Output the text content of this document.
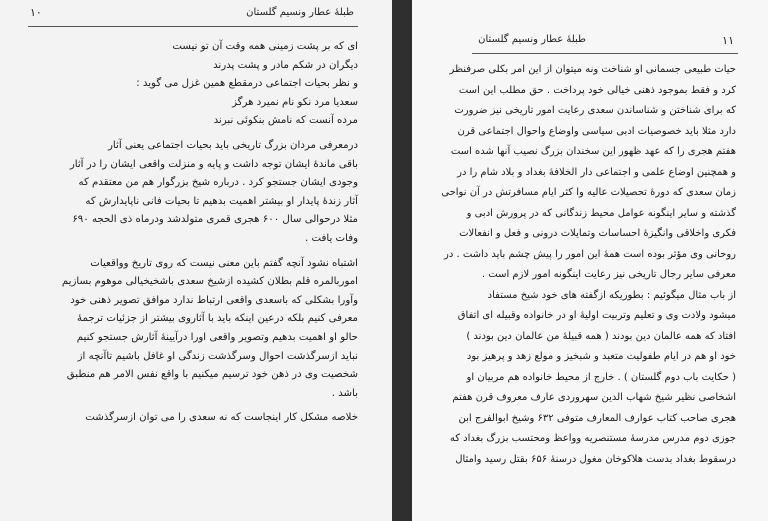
طبلهٔ عطار ونسیم گلستان
۱۰
ای که بر پشت زمینی همه وقت آن تو نیست
دیگران در شکم مادر و پشت پدرند
و نظر بحیات اجتماعی درمقطع همین غزل می گوید :
سعدیا مرد نکو نام نمیرد هرگز
مرده آنست که نامش بنکوئی نبرند
درمعرفی مردان بزرگ تاریخی باید بحیات اجتماعی یعنی آثار
باقی ماندهٔ ایشان توجه داشت و پایه و منزلت واقعی ایشان را در آثار
وجودی ایشان جستجو کرد . درباره شیخ بزرگوار هم من معتقدم که
آثار زندهٔ پایدار او بیشتر اهمیت بدهیم تا بحیات فانی ناپایدارش که
مثلا درحوالی سال ۶۰۰ هجری قمری متولدشد ودرماه ذی الحجه ۶۹۰
وفات یافت .
اشتباه نشود آنچه گفتم باین معنی نیست که روی تاریخ وواقعیات
اموربالمره قلم بطلان کشیده ازشیخ سعدی باشخیخیالی موهوم بسازیم
وآورا بشکلی که باسعدی واقعی ارتباط ندارد موافق تصویر ذهنی خود
معرفی کنیم بلکه درعین اینکه باید با آثاروی بیشتر از جزئیات ترجمهٔ
حالو او اهمیت بدهیم وتصویر واقعی اورا درآیینهٔ آثارش جستجو کنیم
نباید ازسرگذشت احوال وسرگذشت زندگی او غافل باشیم تاآنچه از
شخصیت وی در ذهن خود ترسیم میکنیم با واقع نفس الامر هم منطبق
باشد .
خلاصه مشکل کار اینجاست که نه سعدی را می توان ازسرگذشت
طبلهٔ عطار ونسیم گلستان	۱۱
حیات طبیعی جسمانی او شناخت ونه میتوان از این امر بکلی صرفنظر
کرد و فقط بموجود ذهنی خیالی خود پرداخت . حق مطلب این است
که برای شناختن و شناساندن سعدی رعایت امور تاریخی نیز ضرورت
دارد مثلا باید خصوصیات ادبی سیاسی واوضاع واحوال اجتماعی قرن
هفتم هجری را که عهد ظهور این سخندان بزرگ نصیب آنها شده است
و همچنین اوضاع علمی و اجتماعی دار الخلافهٔ بغداد و بلاد شام را در
زمان سعدی که دورهٔ تحصیلات عالیه وا کثر ایام مسافرتش در آن نواحی
گذشته و سایر اینگونه عوامل محیط زندگانی که در پرورش ادبی و
فکری واخلاقی وانگیزهٔ احساسات وتمایلات درونی و فعل و انفعالات
روحانی وی مؤثر بوده است همهٔ این امور را پیش چشم باید داشت . در
معرفی سایر رجال تاریخی نیز رعایت اینگونه امور لازم است .
از باب مثال میگوئیم : بطوریکه ازگفته های خود شیخ مستفاد
میشود ولادت وی و تعلیم وتربیت اولیهٔ او در خانواده وقبیله ای اتفاق
افتاد که همه عالمان دین بودند ( همه قبیلهٔ من عالمان دین بودند )
خود او هم در ایام طفولیت متعبد و شبخیز و مولع زهد و پرهیز بود
( حکایت باب دوم گلستان ) . خارج از محیط خانواده هم مربیان او
اشخاصی نظیر شیخ شهاب الدین سهروردی عارف معروف قرن هفتم
هجری صاحب کتاب عوارف المعارف متوفی ۶۳۲ وشیخ ابوالفرج ابن
جوزی دوم مدرس مدرسهٔ مستنصریه وواعظ ومحتسب بزرگ بغداد که
درسقوط بغداد بدست هلاکوخان مغول درسنهٔ ۶۵۶ بقتل رسید وامثال
